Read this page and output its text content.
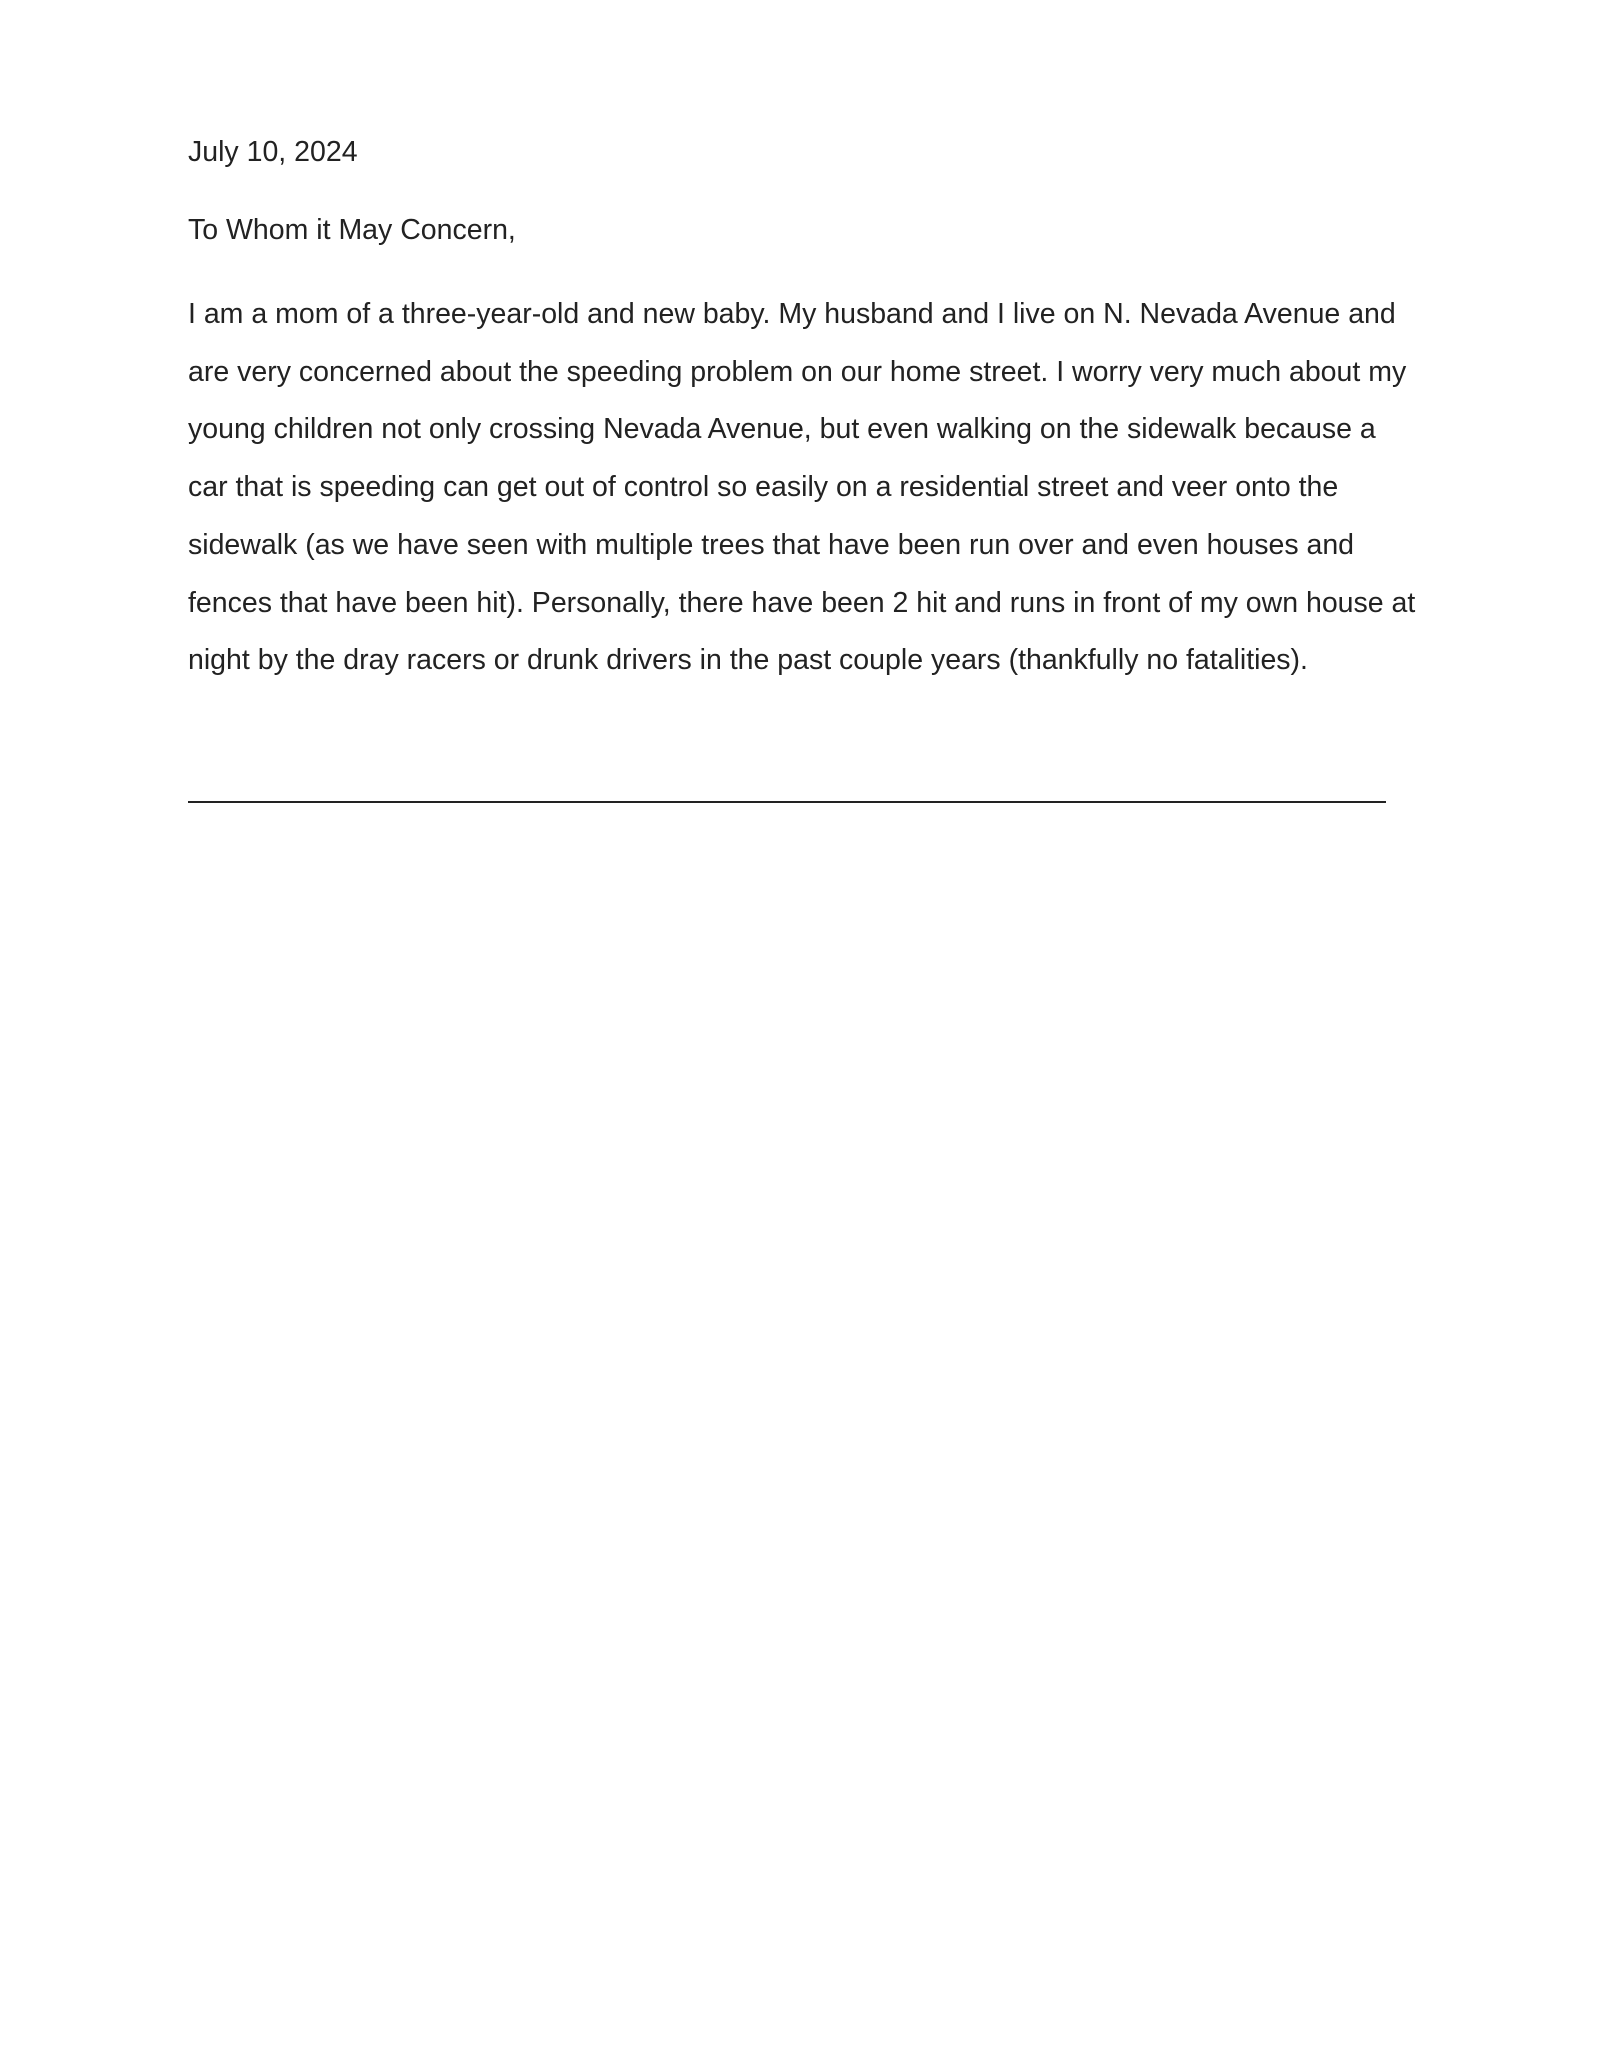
July 10, 2024

To Whom it May Concern,

I am a mom of a three-year-old and new baby. My husband and I live on N. Nevada Avenue and are very concerned about the speeding problem on our home street. I worry very much about my young children not only crossing Nevada Avenue, but even walking on the sidewalk because a car that is speeding can get out of control so easily on a residential street and veer onto the sidewalk (as we have seen with multiple trees that have been run over and even houses and fences that have been hit). Personally, there have been 2 hit and runs in front of my own house at night by the dray racers or drunk drivers in the past couple years (thankfully no fatalities).
